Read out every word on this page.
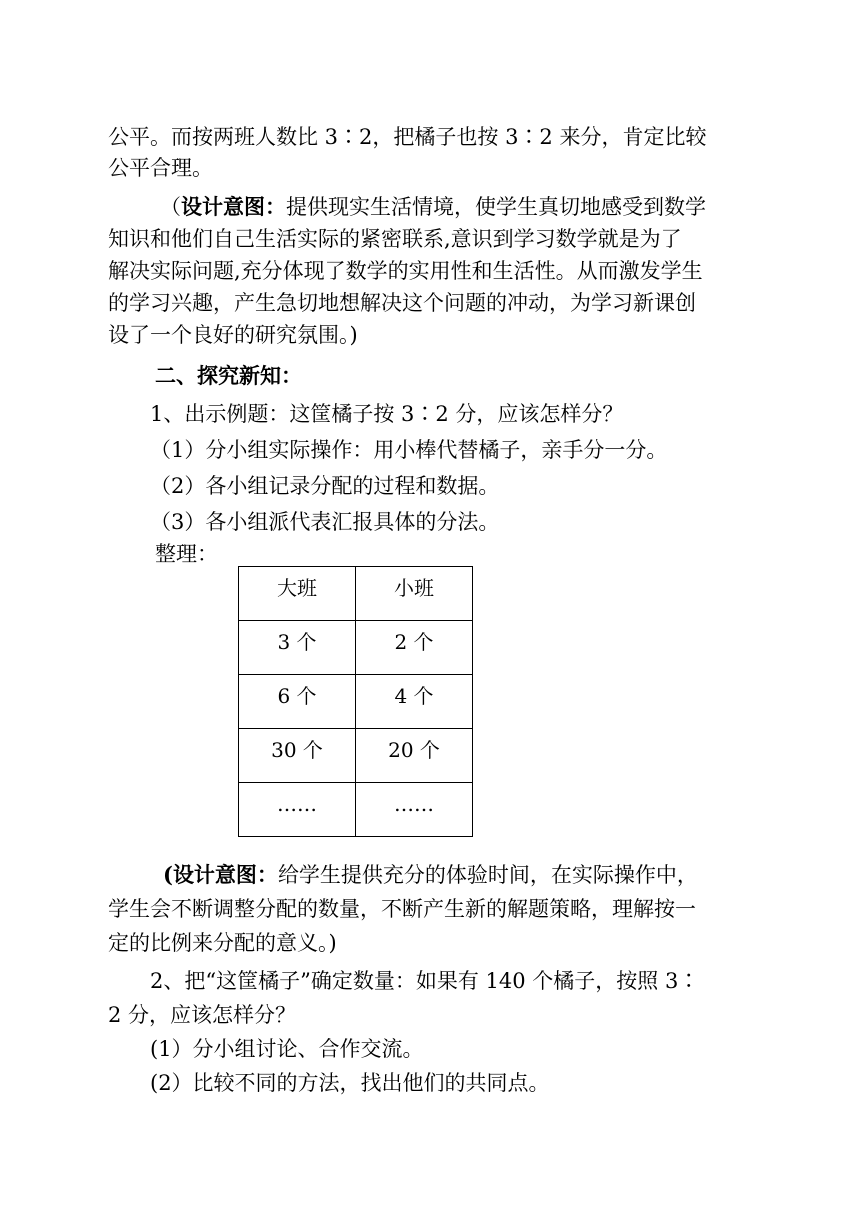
公平。而按两班人数比 3∶2，把橘子也按 3∶2 来分，肯定比较
公平合理。
（设计意图：提供现实生活情境，使学生真切地感受到数学
知识和他们自己生活实际的紧密联系,意识到学习数学就是为了
解决实际问题,充分体现了数学的实用性和生活性。从而激发学生
的学习兴趣，产生急切地想解决这个问题的冲动，为学习新课创
设了一个良好的研究氛围。)
二、探究新知：
1、出示例题：这筐橘子按 3∶2 分，应该怎样分？
（1）分小组实际操作：用小棒代替橘子，亲手分一分。
（2）各小组记录分配的过程和数据。
（3）各小组派代表汇报具体的分法。
整理：
大班	小班

3 个	2 个

6 个	4 个

30 个	20 个

……	……
(设计意图：给学生提供充分的体验时间，在实际操作中，
学生会不断调整分配的数量，不断产生新的解题策略，理解按一
定的比例来分配的意义。)
2、把“这筐橘子”确定数量：如果有 140 个橘子，按照 3∶
2 分，应该怎样分？
(1）分小组讨论、合作交流。
(2）比较不同的方法，找出他们的共同点。
